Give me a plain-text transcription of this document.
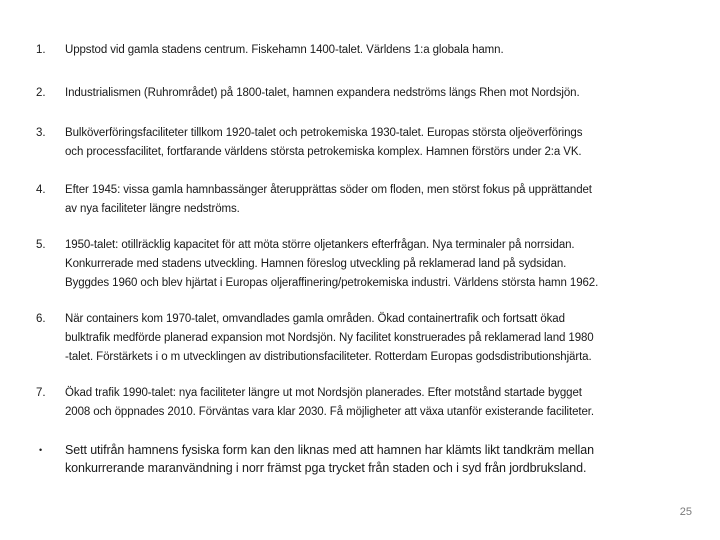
1. Uppstod vid gamla stadens centrum. Fiskehamn 1400-talet. Världens 1:a globala hamn.
2. Industrialismen (Ruhrområdet) på 1800-talet, hamnen expandera nedströms längs Rhen mot Nordsjön.
3. Bulköverföringsfaciliteter tillkom 1920-talet och petrokemiska 1930-talet. Europas största oljeöverförings
och processfacilitet, fortfarande världens största petrokemiska komplex. Hamnen förstörs under 2:a VK.
4. Efter 1945: vissa gamla hamnbassänger återupprättas söder om floden, men störst fokus på upprättandet
av nya faciliteter längre nedströms.
5. 1950-talet: otillräcklig kapacitet för att möta större oljetankers efterfrågan. Nya terminaler på norrsidan.
Konkurrerade med stadens utveckling. Hamnen föreslog utveckling på reklamerad land på sydsidan.
Byggdes 1960 och blev hjärtat i Europas oljeraffinering/petrokemiska industri. Världens största hamn 1962.
6. När containers kom 1970-talet, omvandlades gamla områden. Ökad containertrafik och fortsatt ökad
bulktrafik medförde planerad expansion mot Nordsjön. Ny facilitet konstruerades på reklamerad land 1980
-talet. Förstärkets i o m utvecklingen av distributionsfaciliteter. Rotterdam Europas godsdistributionshjärta.
7. Ökad trafik 1990-talet: nya faciliteter längre ut mot Nordsjön planerades. Efter motstånd startade bygget
2008 och öppnades 2010. Förväntas vara klar 2030. Få möjligheter att växa utanför existerande faciliteter.
• Sett utifrån hamnens fysiska form kan den liknas med att hamnen har klämts likt tandkräm mellan
konkurrerande maranvändning i norr främst pga trycket från staden och i syd från jordbruksland.
25
